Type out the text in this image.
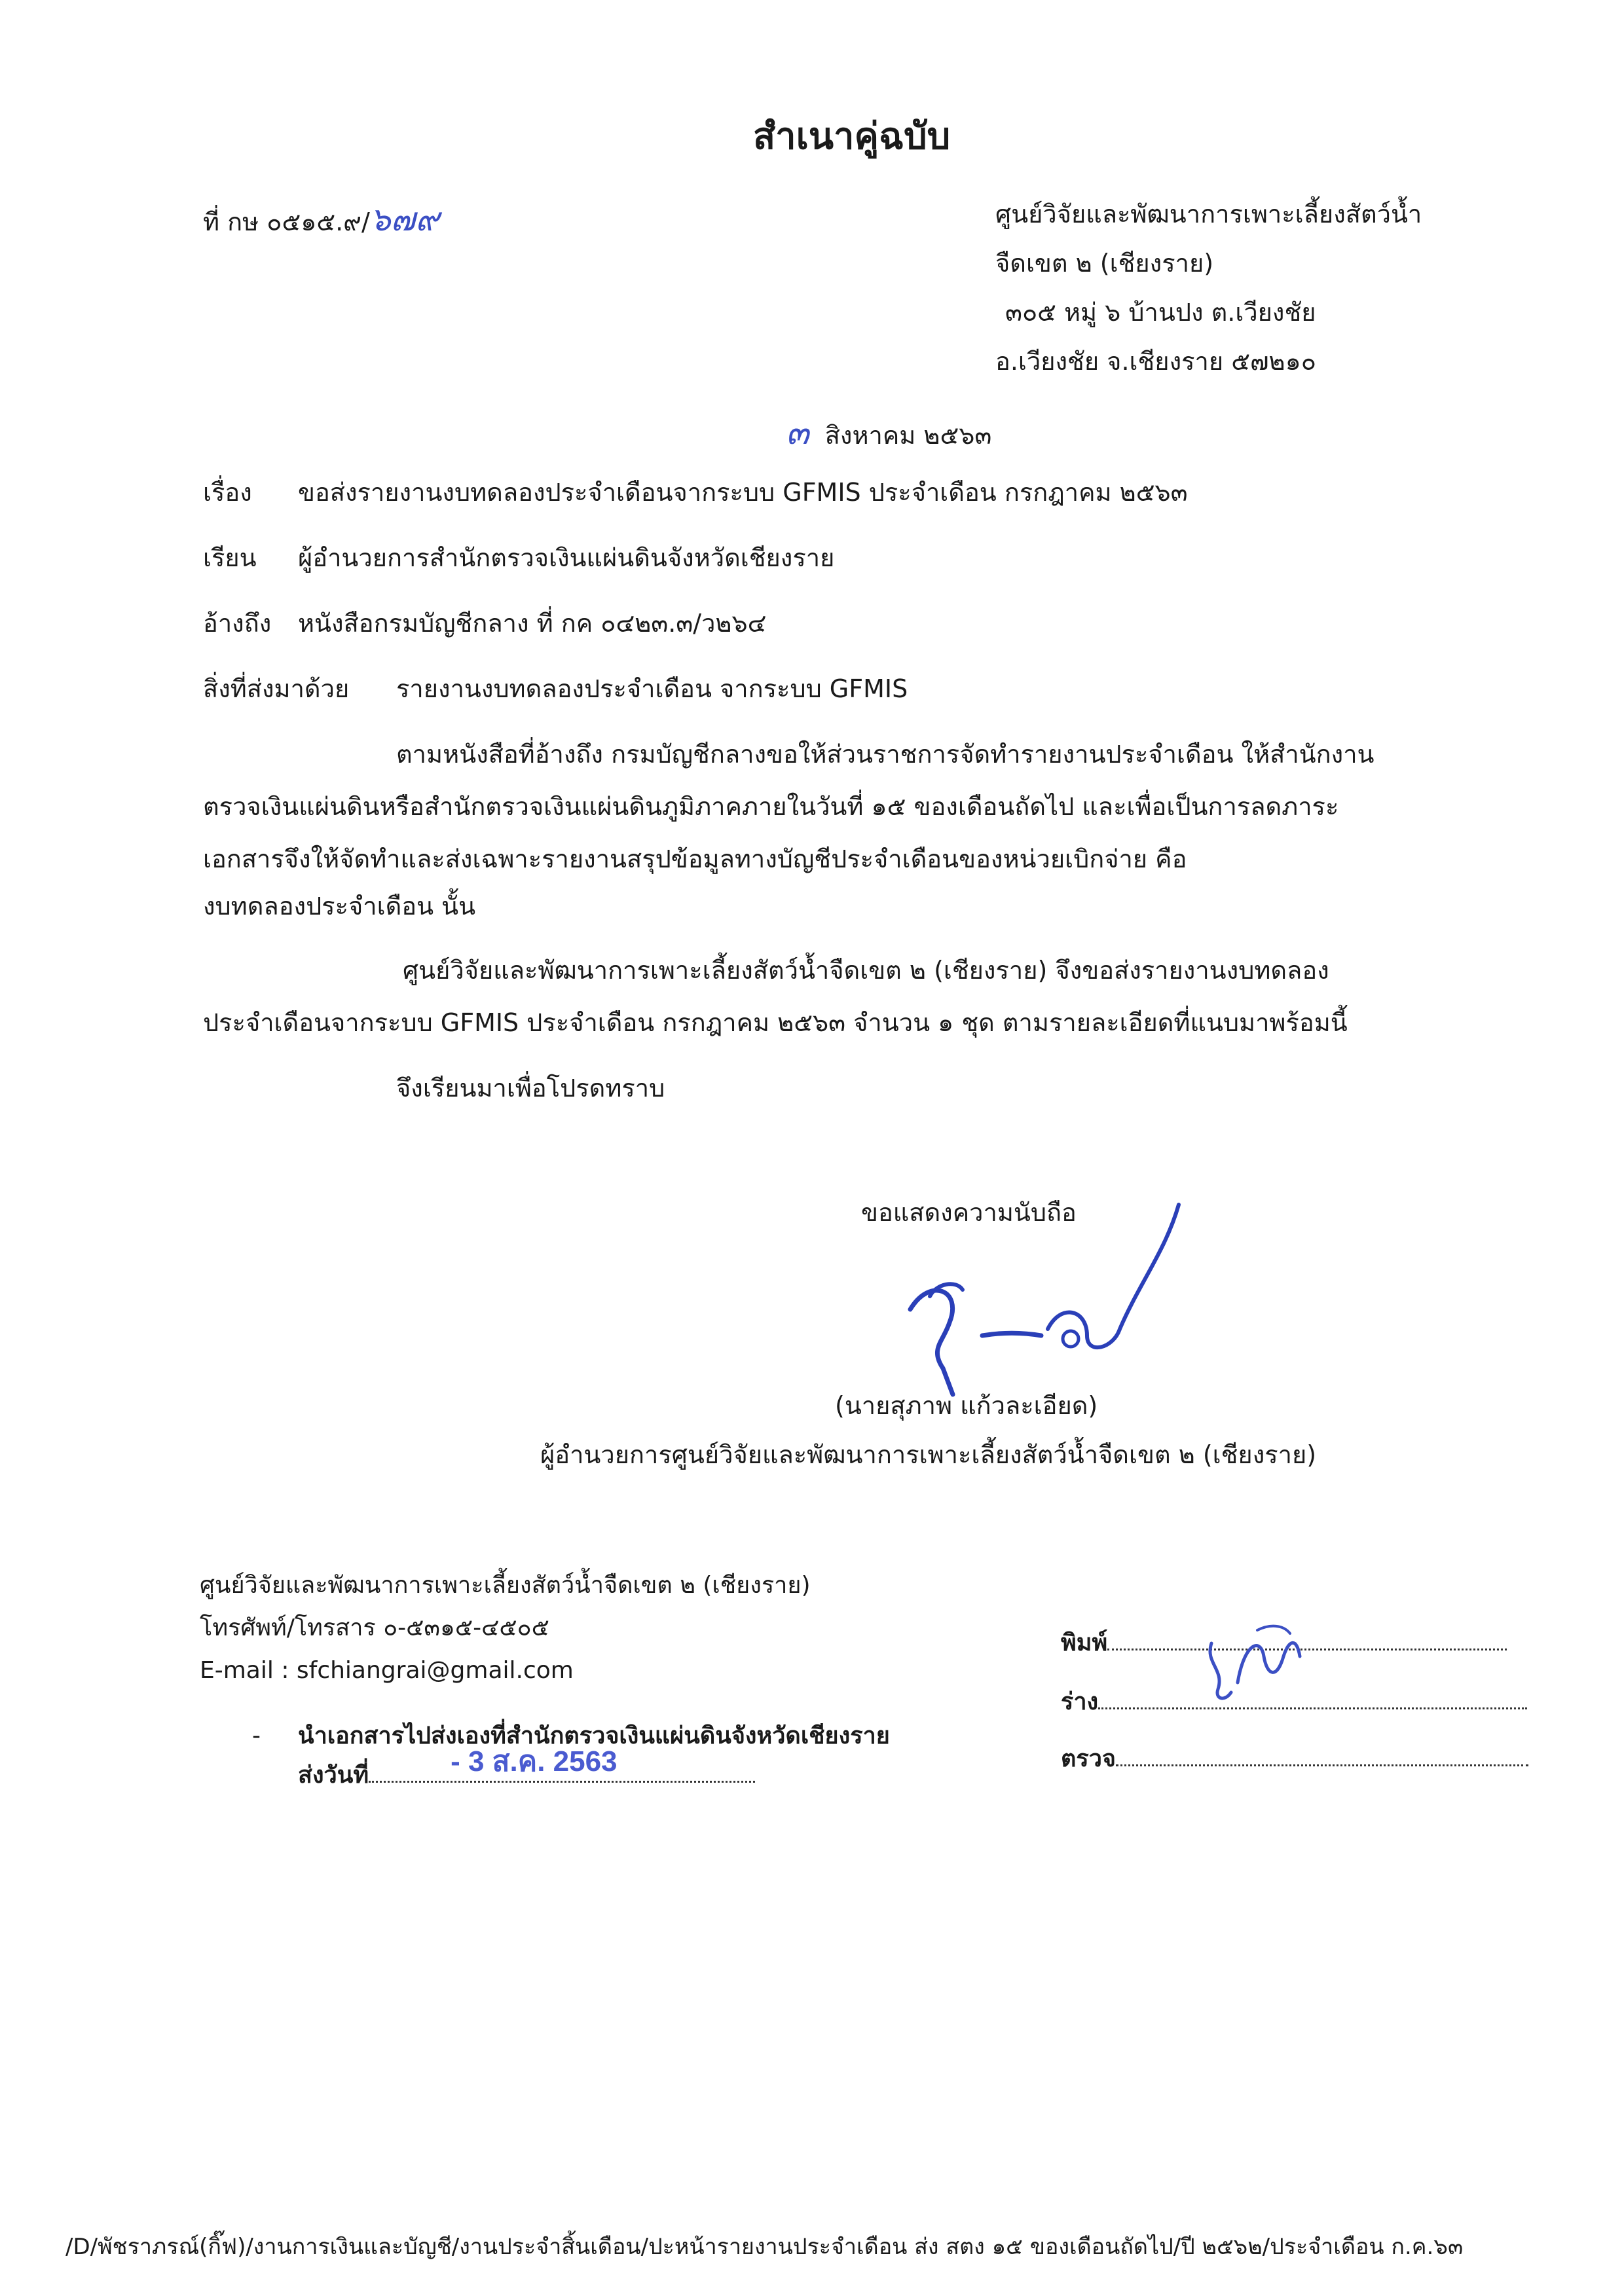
สำเนาคู่ฉบับ
ที่ กษ ๐๕๑๕.๙/๖๗๙	ศูนย์วิจัยและพัฒนาการเพาะเลี้ยงสัตว์น้ำ
จืดเขต ๒ (เชียงราย)
๓๐๕ หมู่ ๖ บ้านปง ต.เวียงชัย
อ.เวียงชัย จ.เชียงราย ๕๗๒๑๐
๓ สิงหาคม ๒๕๖๓
เรื่อง ขอส่งรายงานงบทดลองประจำเดือนจากระบบ GFMIS ประจำเดือน กรกฎาคม ๒๕๖๓
เรียน ผู้อำนวยการสำนักตรวจเงินแผ่นดินจังหวัดเชียงราย
อ้างถึง หนังสือกรมบัญชีกลาง ที่ กค ๐๔๒๓.๓/ว๒๖๔
สิ่งที่ส่งมาด้วย รายงานงบทดลองประจำเดือน จากระบบ GFMIS
ตามหนังสือที่อ้างถึง กรมบัญชีกลางขอให้ส่วนราชการจัดทำรายงานประจำเดือน ให้สำนักงาน
ตรวจเงินแผ่นดินหรือสำนักตรวจเงินแผ่นดินภูมิภาคภายในวันที่ ๑๕ ของเดือนถัดไป และเพื่อเป็นการลดภาระ
เอกสารจึงให้จัดทำและส่งเฉพาะรายงานสรุปข้อมูลทางบัญชีประจำเดือนของหน่วยเบิกจ่าย คือ
งบทดลองประจำเดือน นั้น
ศูนย์วิจัยและพัฒนาการเพาะเลี้ยงสัตว์น้ำจืดเขต ๒ (เชียงราย) จึงขอส่งรายงานงบทดลอง
ประจำเดือนจากระบบ GFMIS ประจำเดือน กรกฎาคม ๒๕๖๓ จำนวน ๑ ชุด ตามรายละเอียดที่แนบมาพร้อมนี้
จึงเรียนมาเพื่อโปรดทราบ
ขอแสดงความนับถือ
(นายสุภาพ แก้วละเอียด)
ผู้อำนวยการศูนย์วิจัยและพัฒนาการเพาะเลี้ยงสัตว์น้ำจืดเขต ๒ (เชียงราย)
ศูนย์วิจัยและพัฒนาการเพาะเลี้ยงสัตว์น้ำจืดเขต ๒ (เชียงราย)
โทรศัพท์/โทรสาร ๐-๕๓๑๕-๔๕๐๕
E-mail : sfchiangrai@gmail.com
- นำเอกสารไปส่งเองที่สำนักตรวจเงินแผ่นดินจังหวัดเชียงราย
ส่งวันที่	- 3 ส.ค. 2563
พิมพ์
ร่าง
ตรวจ
/D/พัชราภรณ์(กิ๊ฟ)/งานการเงินและบัญชี/งานประจำสิ้นเดือน/ปะหน้ารายงานประจำเดือน ส่ง สตง ๑๕ ของเดือนถัดไป/ปี ๒๕๖๒/ประจำเดือน ก.ค.๖๓
